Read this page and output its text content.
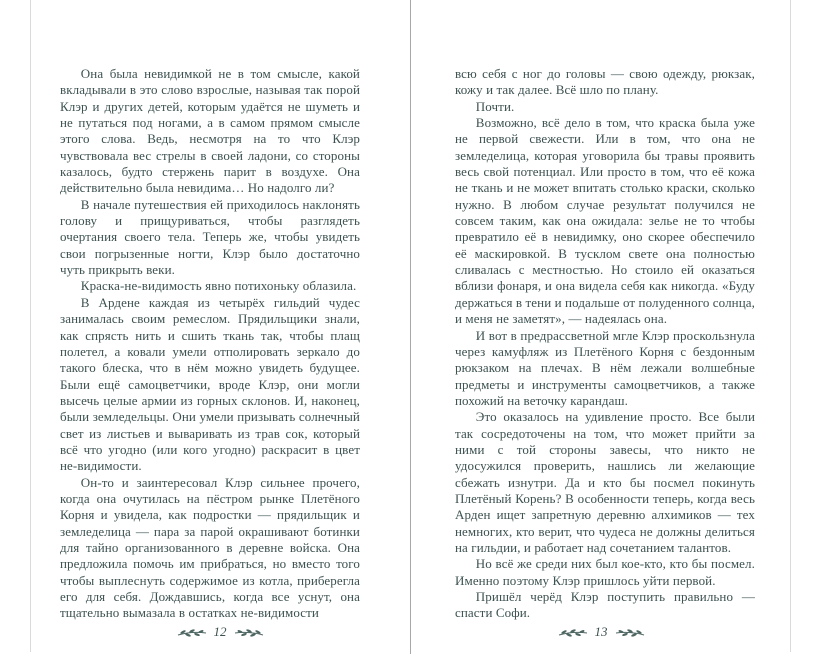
Она была невидимкой не в том смысле, какой вкладывали в это слово взрослые, называя так порой Клэр и других детей, которым удаётся не шуметь и не путаться под ногами, а в самом прямом смысле этого слова. Ведь, несмотря на то что Клэр чувствовала вес стрелы в своей ладони, со стороны казалось, будто стержень парит в воздухе. Она действительно была невидима… Но надолго ли?

В начале путешествия ей приходилось наклонять голову и прищуриваться, чтобы разглядеть очертания своего тела. Теперь же, чтобы увидеть свои погрызенные ногти, Клэр было достаточно чуть прикрыть веки.

Краска-не-видимость явно потихоньку облазила.

В Ардене каждая из четырёх гильдий чудес занималась своим ремеслом. Прядильщики знали, как спрясть нить и сшить ткань так, чтобы плащ полетел, а ковали умели отполировать зеркало до такого блеска, что в нём можно увидеть будущее. Были ещё самоцветчики, вроде Клэр, они могли высечь целые армии из горных склонов. И, наконец, были земледельцы. Они умели призывать солнечный свет из листьев и вываривать из трав сок, который всё что угодно (или кого угодно) раскрасит в цвет не-видимости.

Он-то и заинтересовал Клэр сильнее прочего, когда она очутилась на пёстром рынке Плетёного Корня и увидела, как подростки — прядильщик и земледелица — пара за парой окрашивают ботинки для тайно организованного в деревне войска. Она предложила помочь им прибраться, но вместо того чтобы выплеснуть содержимое из котла, приберегла его для себя. Дождавшись, когда все уснут, она тщательно вымазала в остатках не-видимости

12

всю себя с ног до головы — свою одежду, рюкзак, кожу и так далее. Всё шло по плану.

Почти.

Возможно, всё дело в том, что краска была уже не первой свежести. Или в том, что она не земледелица, которая уговорила бы травы проявить весь свой потенциал. Или просто в том, что её кожа не ткань и не может впитать столько краски, сколько нужно. В любом случае результат получился не совсем таким, как она ожидала: зелье не то чтобы превратило её в невидимку, оно скорее обеспечило её маскировкой. В тусклом свете она полностью сливалась с местностью. Но стоило ей оказаться вблизи фонаря, и она видела себя как никогда. «Буду держаться в тени и подальше от полуденного солнца, и меня не заметят», — надеялась она.

И вот в предрассветной мгле Клэр проскользнула через камуфляж из Плетёного Корня с бездонным рюкзаком на плечах. В нём лежали волшебные предметы и инструменты самоцветчиков, а также похожий на веточку карандаш.

Это оказалось на удивление просто. Все были так сосредоточены на том, что может прийти за ними с той стороны завесы, что никто не удосужился проверить, нашлись ли желающие сбежать изнутри. Да и кто бы посмел покинуть Плетёный Корень? В особенности теперь, когда весь Арден ищет запретную деревню алхимиков — тех немногих, кто верит, что чудеса не должны делиться на гильдии, и работает над сочетанием талантов.

Но всё же среди них был кое-кто, кто бы посмел. Именно поэтому Клэр пришлось уйти первой.

Пришёл черёд Клэр поступить правильно — спасти Софи.

13
